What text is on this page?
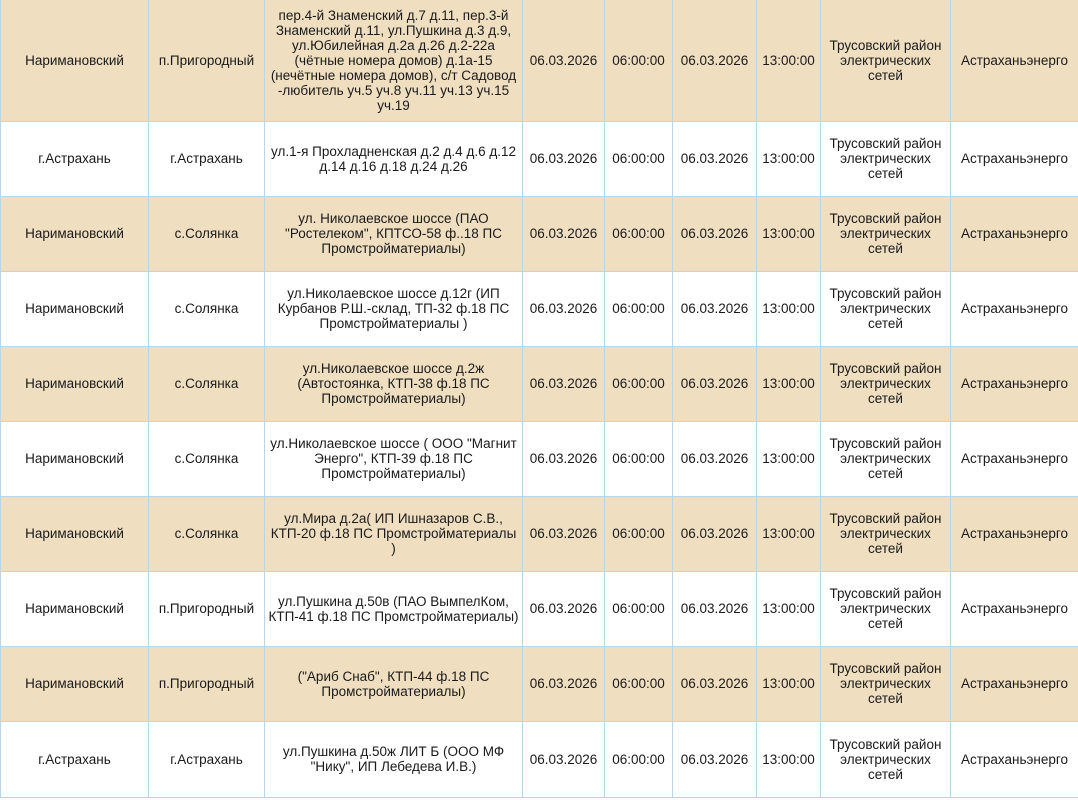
Наримановский	п.Пригородный	пер.4-й Знаменский д.7 д.11, пер.3-й Знаменский д.11, ул.Пушкина д.3 д.9, ул.Юбилейная д.2а д.26 д.2-22а (чётные номера домов) д.1а-15 (нечётные номера домов), с/т Садовод -любитель уч.5 уч.8 уч.11 уч.13 уч.15 уч.19	06.03.2026	06:00:00	06.03.2026	13:00:00	Трусовский район электрических сетей	Астраханьэнерго
г.Астрахань	г.Астрахань	ул.1-я Прохладненская д.2 д.4 д.6 д.12 д.14 д.16 д.18 д.24 д.26	06.03.2026	06:00:00	06.03.2026	13:00:00	Трусовский район электрических сетей	Астраханьэнерго
Наримановский	с.Солянка	ул. Николаевское шоссе (ПАО "Ростелеком", КПТСО-58 ф..18 ПС Промстройматериалы)	06.03.2026	06:00:00	06.03.2026	13:00:00	Трусовский район электрических сетей	Астраханьэнерго
Наримановский	с.Солянка	ул.Николаевское шоссе д.12г (ИП Курбанов Р.Ш.-склад, ТП-32 ф.18 ПС Промстройматериалы )	06.03.2026	06:00:00	06.03.2026	13:00:00	Трусовский район электрических сетей	Астраханьэнерго
Наримановский	с.Солянка	ул.Николаевское шоссе д.2ж (Автостоянка, КТП-38 ф.18 ПС Промстройматериалы)	06.03.2026	06:00:00	06.03.2026	13:00:00	Трусовский район электрических сетей	Астраханьэнерго
Наримановский	с.Солянка	ул.Николаевское шоссе ( ООО "Магнит Энерго", КТП-39 ф.18 ПС Промстройматериалы)	06.03.2026	06:00:00	06.03.2026	13:00:00	Трусовский район электрических сетей	Астраханьэнерго
Наримановский	с.Солянка	ул.Мира д.2а( ИП Ишназаров С.В., КТП-20 ф.18 ПС Промстройматериалы )	06.03.2026	06:00:00	06.03.2026	13:00:00	Трусовский район электрических сетей	Астраханьэнерго
Наримановский	п.Пригородный	ул.Пушкина д.50в (ПАО ВымпелКом, КТП-41 ф.18 ПС Промстройматериалы)	06.03.2026	06:00:00	06.03.2026	13:00:00	Трусовский район электрических сетей	Астраханьэнерго
Наримановский	п.Пригородный	("Ариб Снаб", КТП-44 ф.18 ПС Промстройматериалы)	06.03.2026	06:00:00	06.03.2026	13:00:00	Трусовский район электрических сетей	Астраханьэнерго
г.Астрахань	г.Астрахань	ул.Пушкина д.50ж ЛИТ Б (ООО МФ "Нику", ИП Лебедева И.В.)	06.03.2026	06:00:00	06.03.2026	13:00:00	Трусовский район электрических сетей	Астраханьэнерго
